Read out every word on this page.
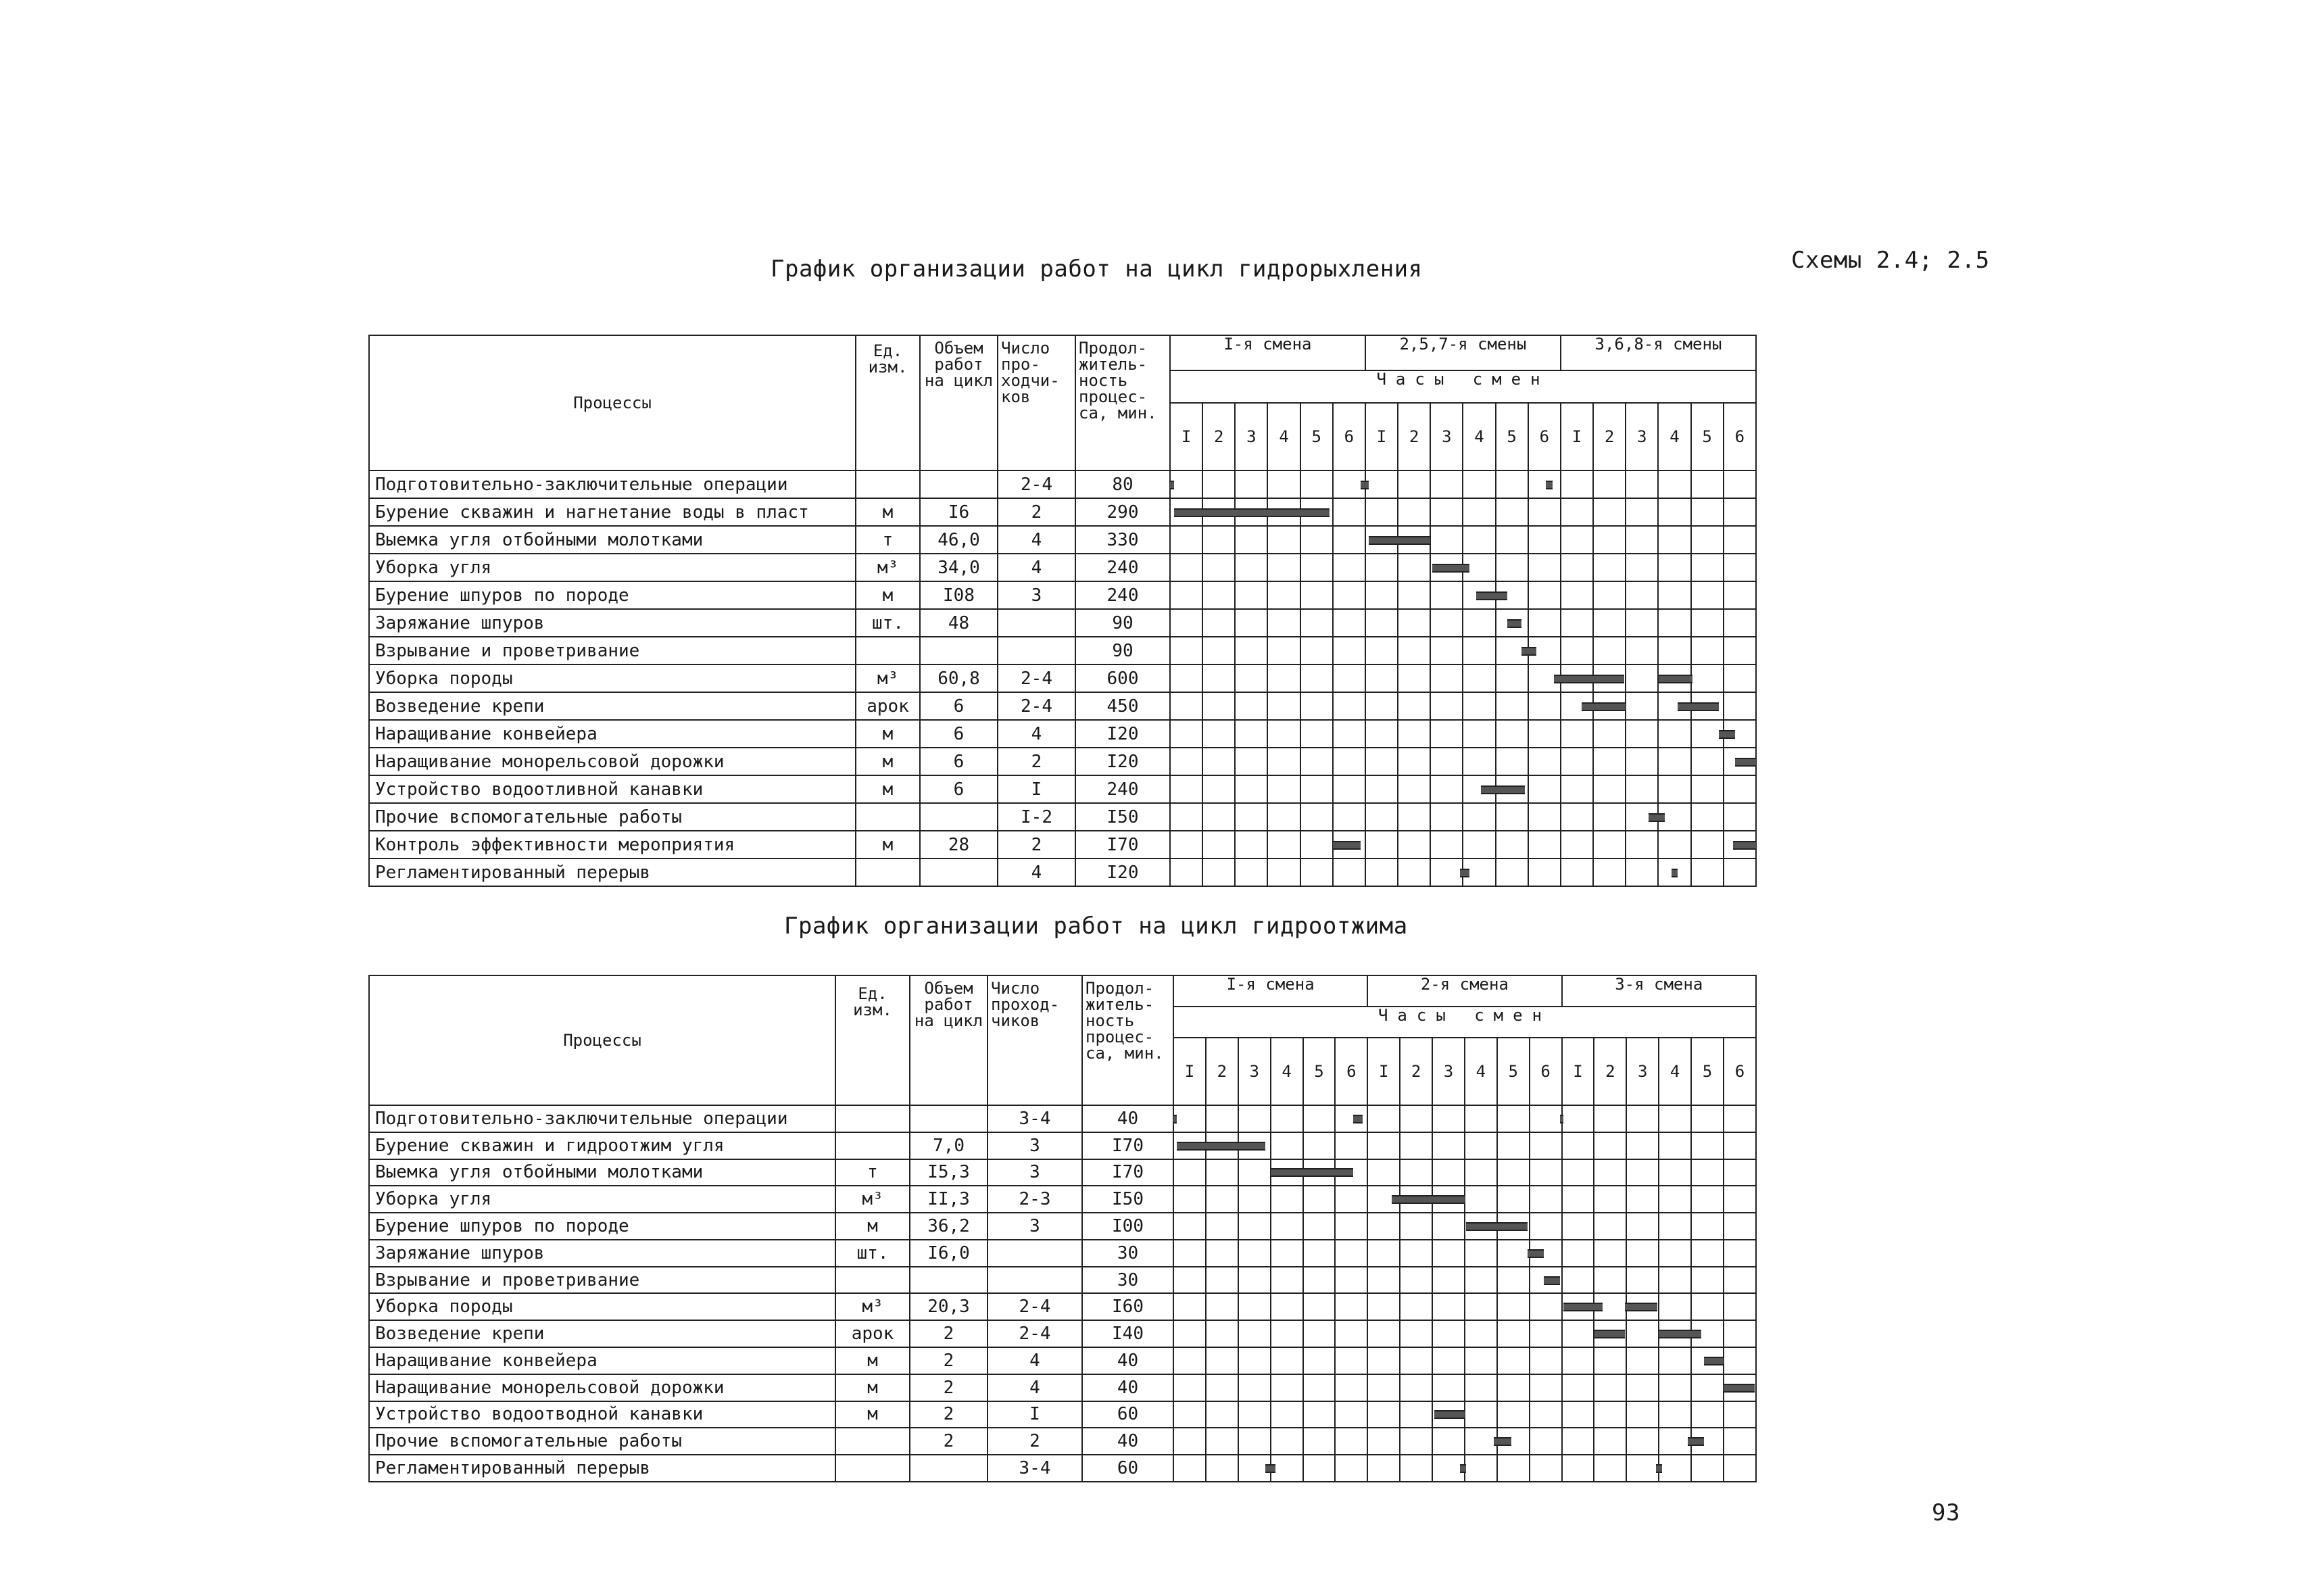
График организации работ на цикл гидрорыхления	Схемы 2.4; 2.5
Процессы	Ед. изм.	Объем работ на цикл	Число про-ходчи-ков	Продол-житель-ность процес-са, мин.	I-я смена						2,5,7-я смены						3,6,8-я смены					
					Часы смен																	
					I	2	3	4	5	6	I	2	3	4	5	6	I	2	3	4	5	6
Подготовительно-заключительные операции			2-4	80																		
Бурение скважин и нагнетание воды в пласт	м	I6	2	290																		
Выемка угля отбойными молотками	т	46,0	4	330																		
Уборка угля	м³	34,0	4	240																		
Бурение шпуров по породе	м	I08	3	240																		
Заряжание шпуров	шт.	48		90																		
Взрывание и проветривание				90																		
Уборка породы	м³	60,8	2-4	600																		
Возведение крепи	арок	6	2-4	450																		
Наращивание конвейера	м	6	4	I20																		
Наращивание монорельсовой дорожки	м	6	2	I20																		
Устройство водоотливной канавки	м	6	I	240																		
Прочие вспомогательные работы			I-2	I50																		
Контроль эффективности мероприятия	м	28	2	I70																		
Регламентированный перерыв			4	I20																		
График организации работ на цикл гидроотжима
Процессы	Ед. изм.	Объем работ на цикл	Число проход-чиков	Продол-житель-ность процес-са, мин.	I-я смена						2-я смена						3-я смена					
					Часы смен																	
					I	2	3	4	5	6	I	2	3	4	5	6	I	2	3	4	5	6
Подготовительно-заключительные операции			3-4	40																		
Бурение скважин и гидроотжим угля		7,0	3	I70																		
Выемка угля отбойными молотками	т	I5,3	3	I70																		
Уборка угля	м³	II,3	2-3	I50																		
Бурение шпуров по породе	м	36,2	3	I00																		
Заряжание шпуров	шт.	I6,0		30																		
Взрывание и проветривание				30																		
Уборка породы	м³	20,3	2-4	I60																		
Возведение крепи	арок	2	2-4	I40																		
Наращивание конвейера	м	2	4	40																		
Наращивание монорельсовой дорожки	м	2	4	40																		
Устройство водоотводной канавки	м	2	I	60																		
Прочие вспомогательные работы		2	2	40																		
Регламентированный перерыв			3-4	60																		
93
